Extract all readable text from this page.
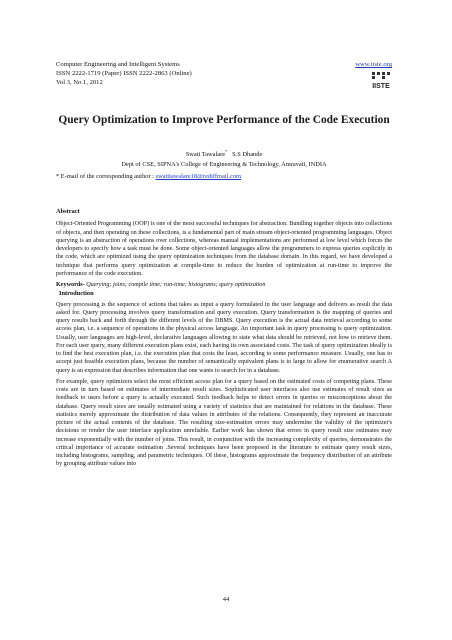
Computer Engineering and Intelligent Systems
ISSN 2222-1719 (Paper) ISSN 2222-2863 (Online)
Vol 3, No.1, 2012
www.iiste.org
IISTE
Query Optimization to Improve Performance of the Code Execution
Swati Tawalare* S.S Dhande
Dept of CSE, SIPNA's College of Engineering & Technology, Amravati, INDIA
* E-mail of the corresponding author : swatitawalare18@rediffmail.com
Abstract

Object-Oriented Programming (OOP) is one of the most successful techniques for abstraction. Bundling together objects into collections of objects, and then operating on these collections, is a fundamental part of main stream object-oriented programming languages. Object querying is an abstraction of operations over collections, whereas manual implementations are performed at low level which forces the developers to specify how a task must be done. Some object-oriented languages allow the programmers to express queries explicitly in the code, which are optimized using the query optimization techniques from the database domain. In this regard, we have developed a technique that performs query optimization at compile-time to reduce the burden of optimization at run-time to improve the performance of the code execution.

Keywords- Querying; joins; compile time; run-time; histograms; query optimization
Introduction

Query processing is the sequence of actions that takes as input a query formulated in the user language and delivers as result the data asked for. Query processing involves query transformation and query execution. Query transformation is the mapping of queries and query results back and forth through the different levels of the DBMS. Query execution is the actual data retrieval according to some access plan, i.e. a sequence of operations in the physical access language. An important task in query processing is query optimization. Usually, user languages are high-level, declarative languages allowing to state what data should be retrieved, not how to retrieve them. For each user query, many different execution plans exist, each having its own associated costs. The task of query optimization ideally is to find the best execution plan, i.e. the execution plan that costs the least, according to some performance measure. Usually, one has to accept just feasible execution plans, because the number of semantically equivalent plans is to large to allow for enumerative search A query is an expression that describes information that one wants to search for in a database.

For example, query optimizers select the most efficient access plan for a query based on the estimated costs of competing plans. These costs are in turn based on estimates of intermediate result sizes. Sophisticated user interfaces also use estimates of result sizes as feedback to users before a query is actually executed. Such feedback helps to detect errors in queries or misconceptions about the database. Query result sizes are usually estimated using a variety of statistics that are maintained for relations in the database. These statistics merely approximate the distribution of data values in attributes of the relations. Consequently, they represent an inaccurate picture of the actual contents of the database. The resulting size-estimation errors may undermine the validity of the optimizer's decisions or render the user interface application unreliable. Earlier work has shown that errors in query result size estimates may increase exponentially with the number of joins. This result, in conjunction with the increasing complexity of queries, demonstrates the critical importance of accurate estimation .Several techniques have been proposed in the literature to estimate query result sizes, including histograms, sampling, and parametric techniques. Of these, histograms approximate the frequency distribution of an attribute by grouping attribute values into

44
